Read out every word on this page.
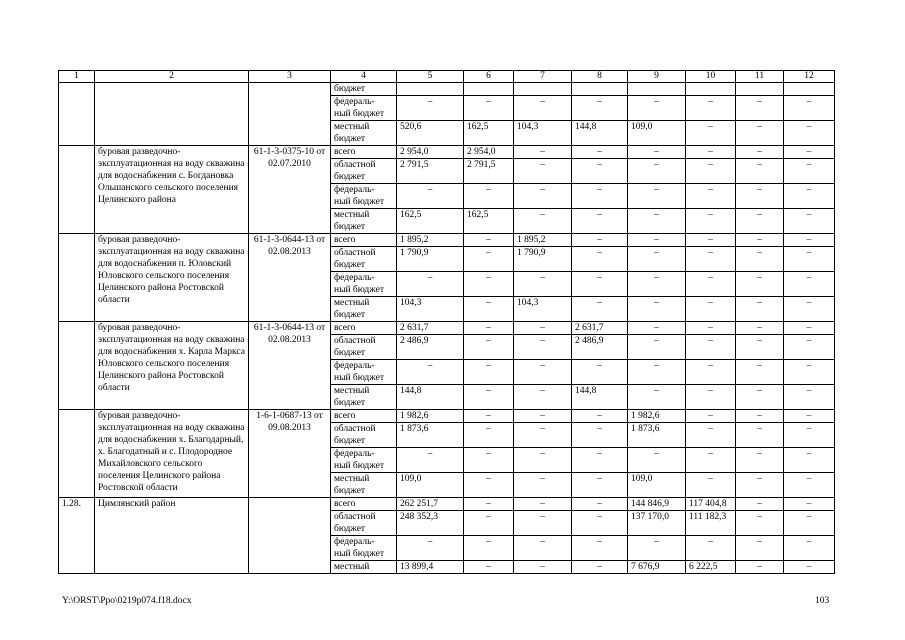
1	2	3	4	5	6	7	8	9	10	11	12
			бюджет								
			федераль- ный бюджет	–	–	–	–	–	–	–	–
			местный бюджет	520,6	162,5	104,3	144,8	109,0	–	–	–
	буровая разведочно- эксплуатационная на воду скважина для водоснабжения с. Богдановка Ольшанского сельского поселения Целинского района	61-1-3-0375-10 от 02.07.2010	всего	2 954,0	2 954,0	–	–	–	–	–	–
			областной бюджет	2 791,5	2 791,5	–	–	–	–	–	–
			федераль- ный бюджет	–	–	–	–	–	–	–	–
			местный бюджет	162,5	162,5	–	–	–	–	–	–
	буровая разведочно- эксплуатационная на воду скважина для водоснабжения п. Юловский Юловского сельского поселения Целинского района Ростовской области	61-1-3-0644-13 от 02.08.2013	всего	1 895,2	–	1 895,2	–	–	–	–	–
			областной бюджет	1 790,9	–	1 790,9	–	–	–	–	–
			федераль- ный бюджет	–	–	–	–	–	–	–	–
			местный бюджет	104,3	–	104,3	–	–	–	–	–
	буровая разведочно- эксплуатационная на воду скважина для водоснабжения х. Карла Маркса Юловского сельского поселения Целинского района Ростовской области	61-1-3-0644-13 от 02.08.2013	всего	2 631,7	–	–	2 631,7	–	–	–	–
			областной бюджет	2 486,9	–	–	2 486,9	–	–	–	–
			федераль- ный бюджет	–	–	–	–	–	–	–	–
			местный бюджет	144,8	–	–	144,8	–	–	–	–
	буровая разведочно- эксплуатационная на воду скважина для водоснабжения х. Благодарный, х. Благодатный и с. Плодородное Михайловского сельского поселения Целинского района Ростовской области	1-6-1-0687-13 от 09.08.2013	всего	1 982,6	–	–	–	1 982,6	–	–	–
			областной бюджет	1 873,6	–	–	–	1 873,6	–	–	–
			федераль- ный бюджет	–	–	–	–	–	–	–	–
			местный бюджет	109,0	–	–	–	109,0	–	–	–
1.28.	Цимлянский район		всего	262 251,7	–	–	–	144 846,9	117 404,8	–	–
			областной бюджет	248 352,3	–	–	–	137 170,0	111 182,3	–	–
			федераль- ный бюджет	–	–	–	–	–	–	–	–
			местный	13 899,4	–	–	–	7 676,9	6 222,5	–	–
Y:\ORST\Ppo\0219p074.f18.docx	103
